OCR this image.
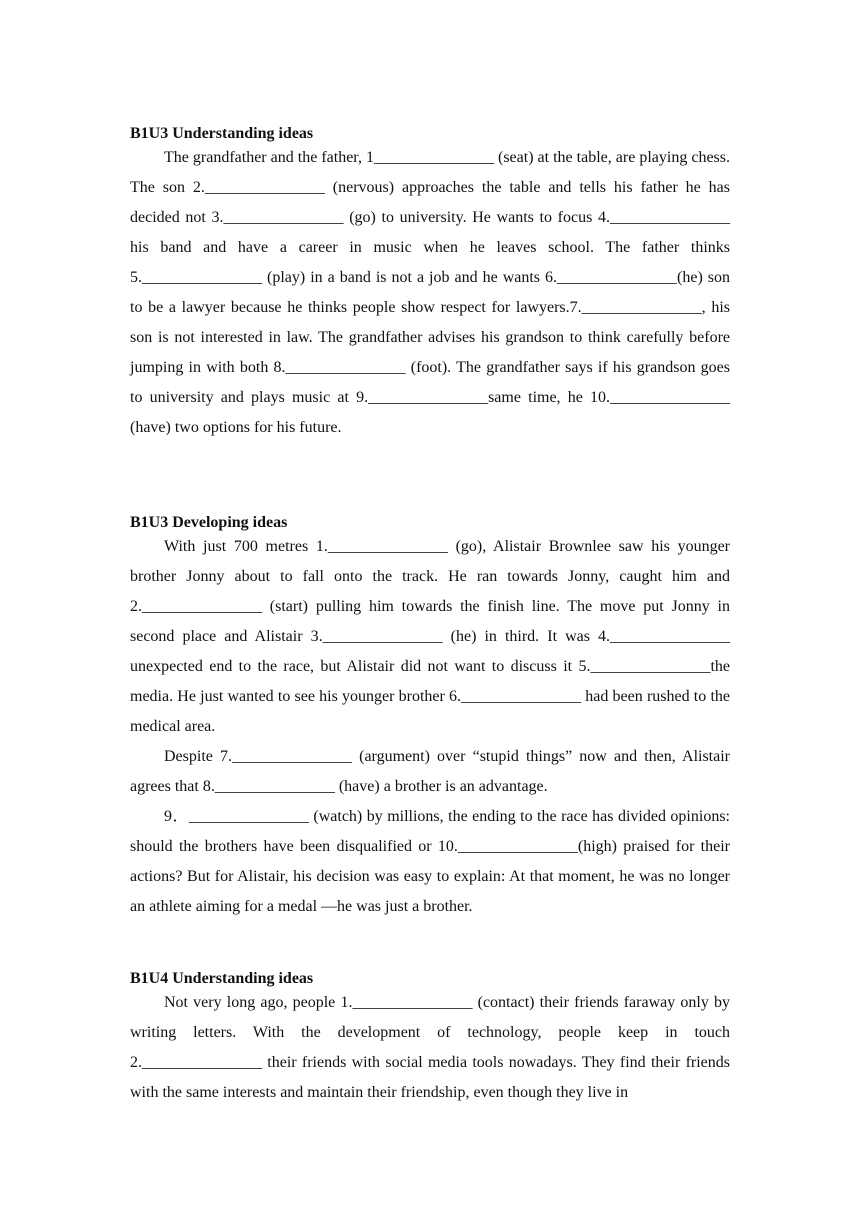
B1U3 Understanding ideas

The grandfather and the father, 1_______________ (seat) at the table, are playing chess. The son 2._______________ (nervous) approaches the table and tells his father he has decided not 3._______________ (go) to university. He wants to focus 4._______________ his band and have a career in music when he leaves school. The father thinks 5._______________ (play) in a band is not a job and he wants 6._______________(he) son to be a lawyer because he thinks people show respect for lawyers.7._______________, his son is not interested in law. The grandfather advises his grandson to think carefully before jumping in with both 8._______________ (foot). The grandfather says if his grandson goes to university and plays music at 9._______________same time, he 10._______________ (have) two options for his future.

B1U3 Developing ideas

With just 700 metres 1._______________ (go), Alistair Brownlee saw his younger brother Jonny about to fall onto the track. He ran towards Jonny, caught him and 2._______________ (start) pulling him towards the finish line. The move put Jonny in second place and Alistair 3._______________ (he) in third. It was 4._______________ unexpected end to the race, but Alistair did not want to discuss it 5._______________the media. He just wanted to see his younger brother 6._______________ had been rushed to the medical area.

Despite 7._______________ (argument) over “stupid things” now and then, Alistair agrees that 8._______________ (have) a brother is an advantage.

9．_______________ (watch) by millions, the ending to the race has divided opinions: should the brothers have been disqualified or 10._______________(high) praised for their actions? But for Alistair, his decision was easy to explain: At that moment, he was no longer an athlete aiming for a medal —he was just a brother.

B1U4 Understanding ideas

Not very long ago, people 1._______________ (contact) their friends faraway only by writing letters. With the development of technology, people keep in touch 2._______________ their friends with social media tools nowadays. They find their friends with the same interests and maintain their friendship, even though they live in
